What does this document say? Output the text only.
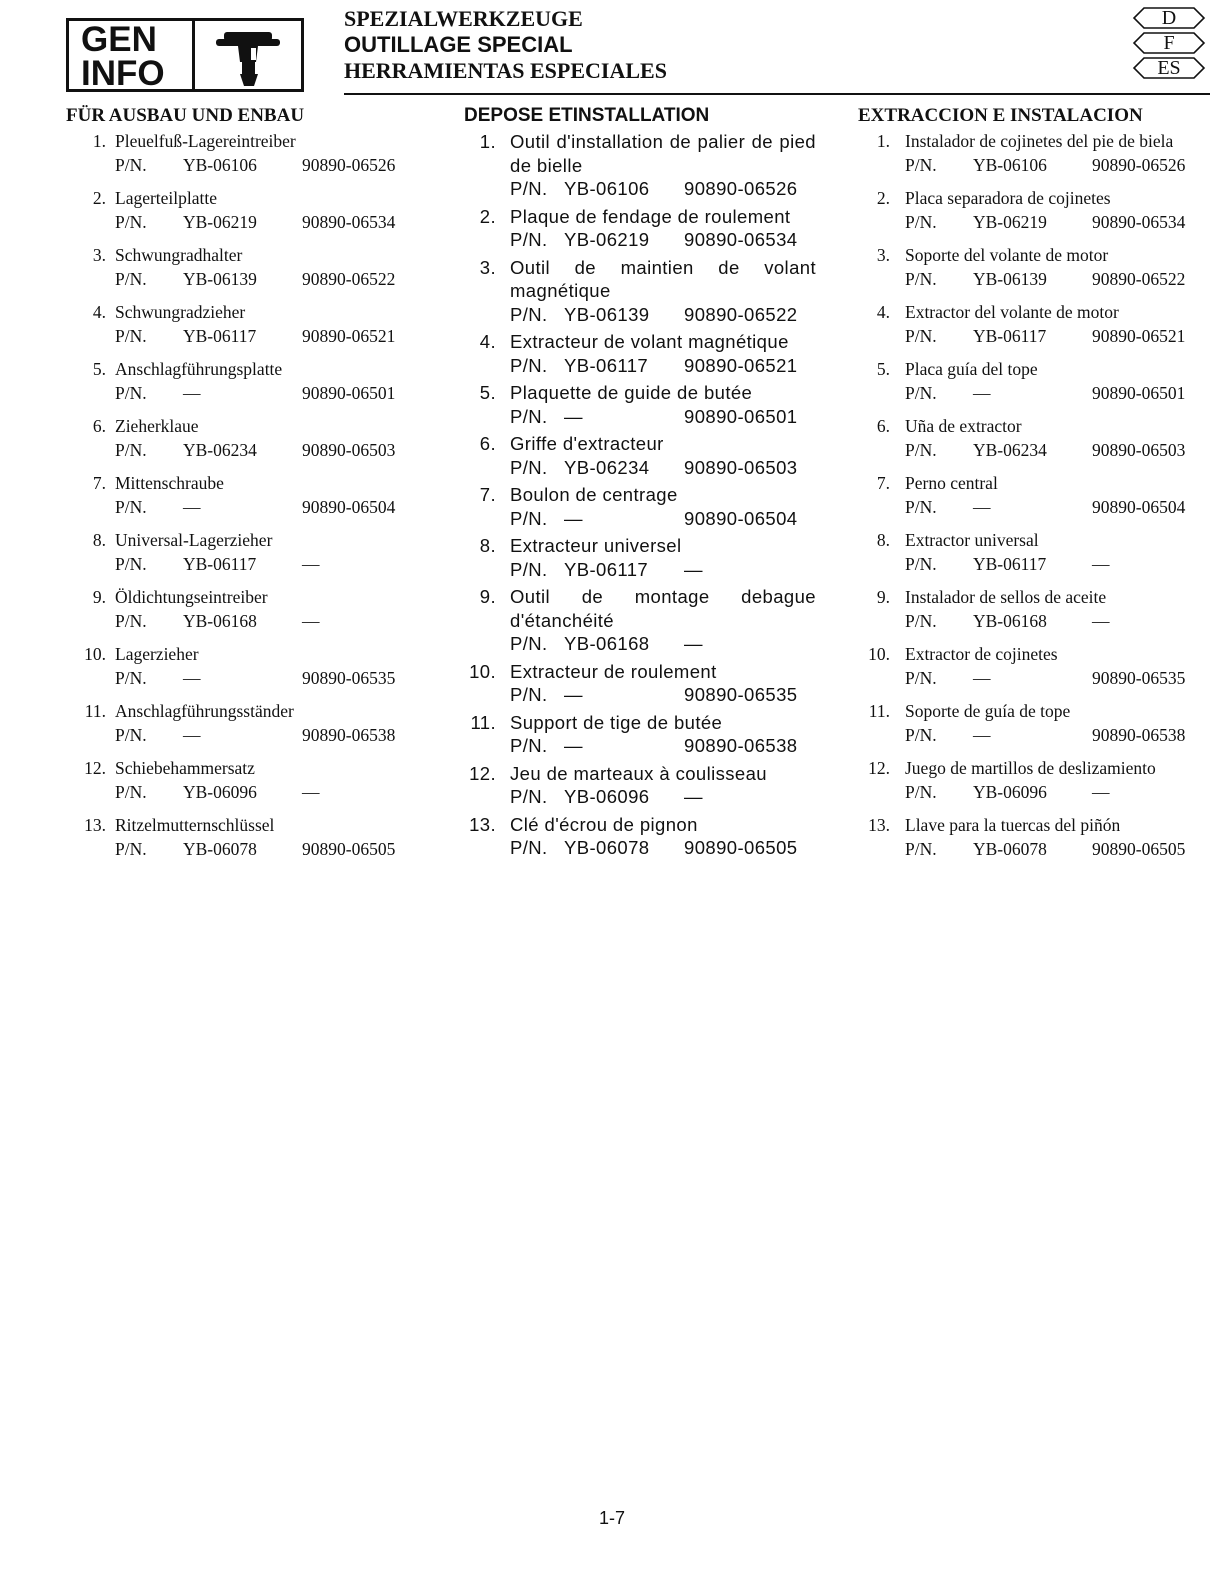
GEN
INFO
SPEZIALWERKZEUGE
OUTILLAGE SPECIAL
HERRAMIENTAS ESPECIALES
D
F
ES
FÜR AUSBAU UND ENBAU
1. Pleuelfuß-Lagereintreiber
P/N.	YB-06106	90890-06526
2. Lagerteilplatte
P/N.	YB-06219	90890-06534
3. Schwungradhalter
P/N.	YB-06139	90890-06522
4. Schwungradzieher
P/N.	YB-06117	90890-06521
5. Anschlagführungsplatte
P/N.	—	90890-06501
6. Zieherklaue
P/N.	YB-06234	90890-06503
7. Mittenschraube
P/N.	—	90890-06504
8. Universal-Lagerzieher
P/N.	YB-06117	—
9. Öldichtungseintreiber
P/N.	YB-06168	—
10. Lagerzieher
P/N.	—	90890-06535
11. Anschlagführungsständer
P/N.	—	90890-06538
12. Schiebehammersatz
P/N.	YB-06096	—
13. Ritzelmutternschlüssel
P/N.	YB-06078	90890-06505
DEPOSE ETINSTALLATION
1. Outil d'installation de palier de pied de bielle
P/N. YB-06106	90890-06526
2. Plaque de fendage de roulement
P/N. YB-06219	90890-06534
3. Outil de maintien de volant magnétique
P/N. YB-06139	90890-06522
4. Extracteur de volant magnétique
P/N. YB-06117	90890-06521
5. Plaquette de guide de butée
P/N. —	90890-06501
6. Griffe d'extracteur
P/N. YB-06234	90890-06503
7. Boulon de centrage
P/N. —	90890-06504
8. Extracteur universel
P/N. YB-06117	—
9. Outil de montage debague d'étanchéité
P/N. YB-06168	—
10. Extracteur de roulement
P/N. —	90890-06535
11. Support de tige de butée
P/N. —	90890-06538
12. Jeu de marteaux à coulisseau
P/N. YB-06096	—
13. Clé d'écrou de pignon
P/N. YB-06078	90890-06505
EXTRACCION E INSTALACION
1. Instalador de cojinetes del pie de biela
P/N.	YB-06106	90890-06526
2. Placa separadora de cojinetes
P/N.	YB-06219	90890-06534
3. Soporte del volante de motor
P/N.	YB-06139	90890-06522
4. Extractor del volante de motor
P/N.	YB-06117	90890-06521
5. Placa guía del tope
P/N.	—	90890-06501
6. Uña de extractor
P/N.	YB-06234	90890-06503
7. Perno central
P/N.	—	90890-06504
8. Extractor universal
P/N.	YB-06117	—
9. Instalador de sellos de aceite
P/N.	YB-06168	—
10. Extractor de cojinetes
P/N.	—	90890-06535
11. Soporte de guía de tope
P/N.	—	90890-06538
12. Juego de martillos de deslizamiento
P/N.	YB-06096	—
13. Llave para la tuercas del piñón
P/N.	YB-06078	90890-06505
1-7
